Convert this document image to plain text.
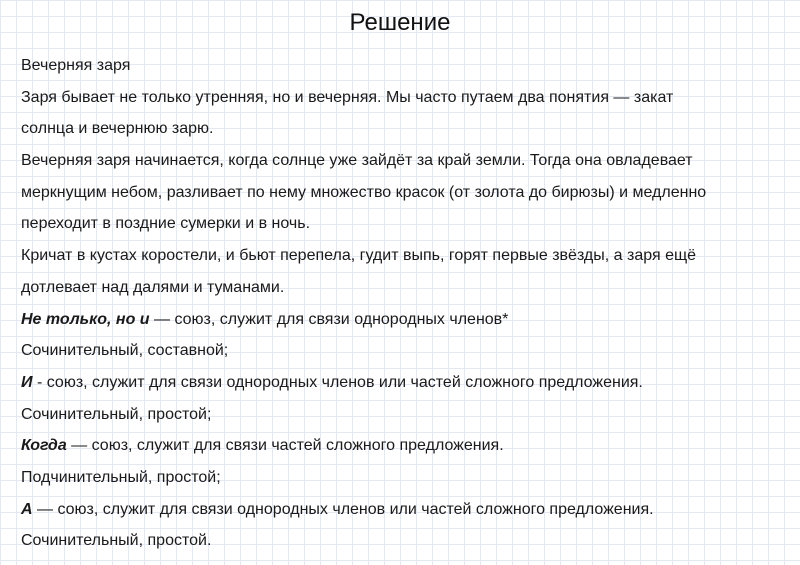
Решение
Вечерняя заря
Заря бывает не только утренняя, но и вечерняя. Мы часто путаем два понятия — закат
солнца и вечернюю зарю.
Вечерняя заря начинается, когда солнце уже зайдёт за край земли. Тогда она овладевает
меркнущим небом, разливает по нему множество красок (от золота до бирюзы) и медленно
переходит в поздние сумерки и в ночь.
Кричат в кустах коростели, и бьют перепела, гудит выпь, горят первые звёзды, а заря ещё
дотлевает над далями и туманами.
Не только, но и — союз, служит для связи однородных членов*
Сочинительный, составной;
И - союз, служит для связи однородных членов или частей сложного предложения.
Сочинительный, простой;
Когда — союз, служит для связи частей сложного предложения.
Подчинительный, простой;
А — союз, служит для связи однородных членов или частей сложного предложения.
Сочинительный, простой.
